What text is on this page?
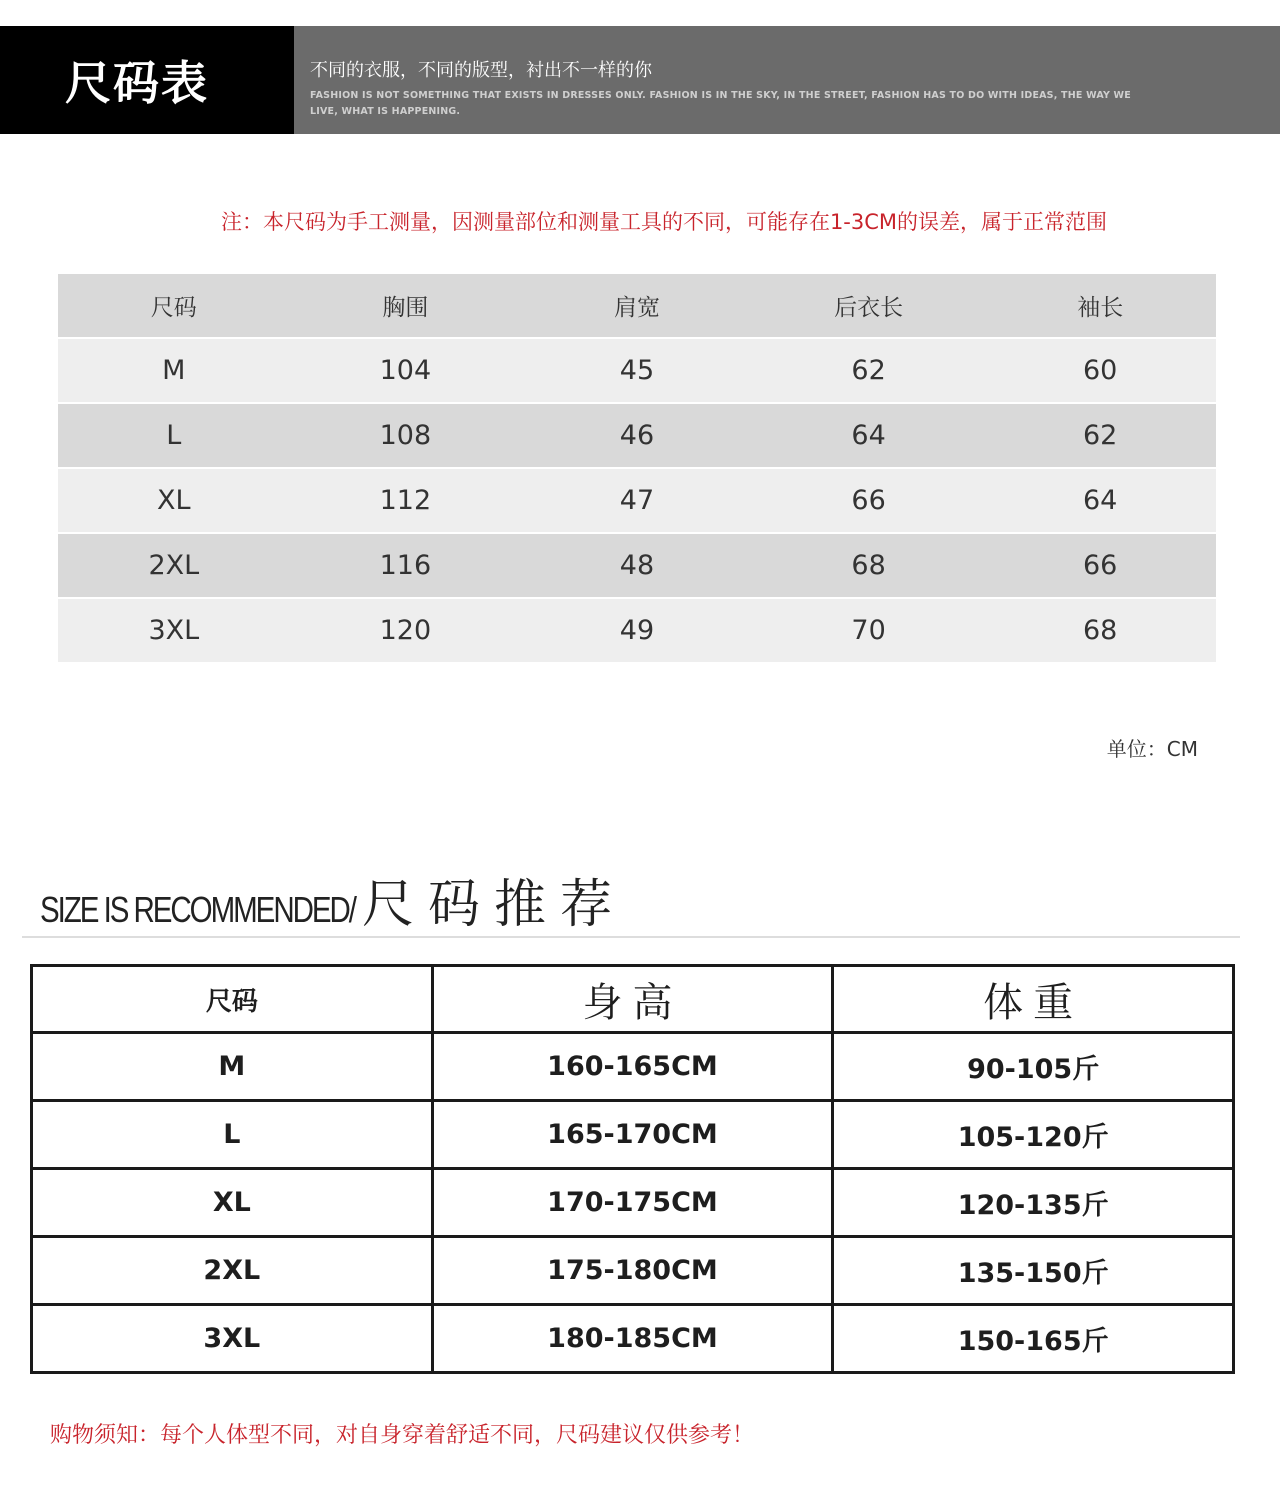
尺码表	不同的衣服，不同的版型，衬出不一样的你
FASHION IS NOT SOMETHING THAT EXISTS IN DRESSES ONLY. FASHION IS IN THE SKY, IN THE STREET, FASHION HAS TO DO WITH IDEAS, THE WAY WE LIVE, WHAT IS HAPPENING.
注：本尺码为手工测量，因测量部位和测量工具的不同，可能存在1-3CM的误差，属于正常范围
尺码	胸围	肩宽	后衣长	袖长
M	104	45	62	60
L	108	46	64	62
XL	112	47	66	64
2XL	116	48	68	66
3XL	120	49	70	68
单位：CM
SIZE IS RECOMMENDED/ 尺码推荐
尺码	身高	体重
M	160-165CM	90-105斤
L	165-170CM	105-120斤
XL	170-175CM	120-135斤
2XL	175-180CM	135-150斤
3XL	180-185CM	150-165斤
购物须知：每个人体型不同，对自身穿着舒适不同，尺码建议仅供参考！
